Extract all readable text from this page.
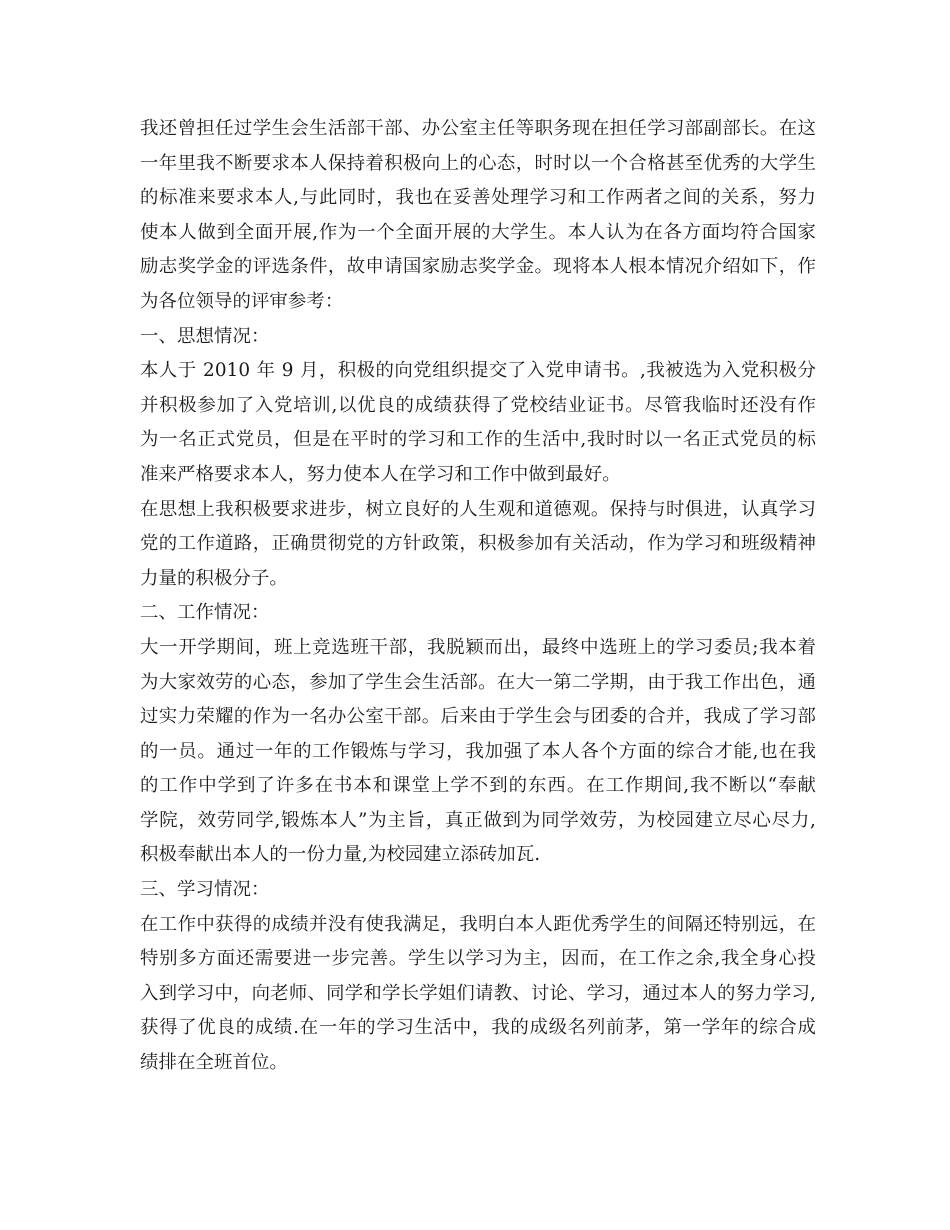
我还曾担任过学生会生活部干部、办公室主任等职务现在担任学习部副部长。在这
一年里我不断要求本人保持着积极向上的心态，时时以一个合格甚至优秀的大学生
的标准来要求本人,与此同时，我也在妥善处理学习和工作两者之间的关系，努力
使本人做到全面开展,作为一个全面开展的大学生。本人认为在各方面均符合国家
励志奖学金的评选条件，故申请国家励志奖学金。现将本人根本情况介绍如下，作
为各位领导的评审参考：
一、思想情况：
本人于 2010 年 9 月，积极的向党组织提交了入党申请书。,我被选为入党积极分
并积极参加了入党培训,以优良的成绩获得了党校结业证书。尽管我临时还没有作
为一名正式党员，但是在平时的学习和工作的生活中,我时时以一名正式党员的标
准来严格要求本人，努力使本人在学习和工作中做到最好。
在思想上我积极要求进步，树立良好的人生观和道德观。保持与时俱进，认真学习
党的工作道路，正确贯彻党的方针政策，积极参加有关活动，作为学习和班级精神
力量的积极分子。
二、工作情况：
大一开学期间，班上竞选班干部，我脱颖而出，最终中选班上的学习委员;我本着
为大家效劳的心态，参加了学生会生活部。在大一第二学期，由于我工作出色，通
过实力荣耀的作为一名办公室干部。后来由于学生会与团委的合并，我成了学习部
的一员。通过一年的工作锻炼与学习，我加强了本人各个方面的综合才能,也在我
的工作中学到了许多在书本和课堂上学不到的东西。在工作期间,我不断以“奉献
学院，效劳同学,锻炼本人”为主旨，真正做到为同学效劳，为校园建立尽心尽力,
积极奉献出本人的一份力量,为校园建立添砖加瓦.
三、学习情况：
在工作中获得的成绩并没有使我满足，我明白本人距优秀学生的间隔还特别远，在
特别多方面还需要进一步完善。学生以学习为主，因而，在工作之余,我全身心投
入到学习中，向老师、同学和学长学姐们请教、讨论、学习，通过本人的努力学习,
获得了优良的成绩.在一年的学习生活中，我的成级名列前茅，第一学年的综合成
绩排在全班首位。
